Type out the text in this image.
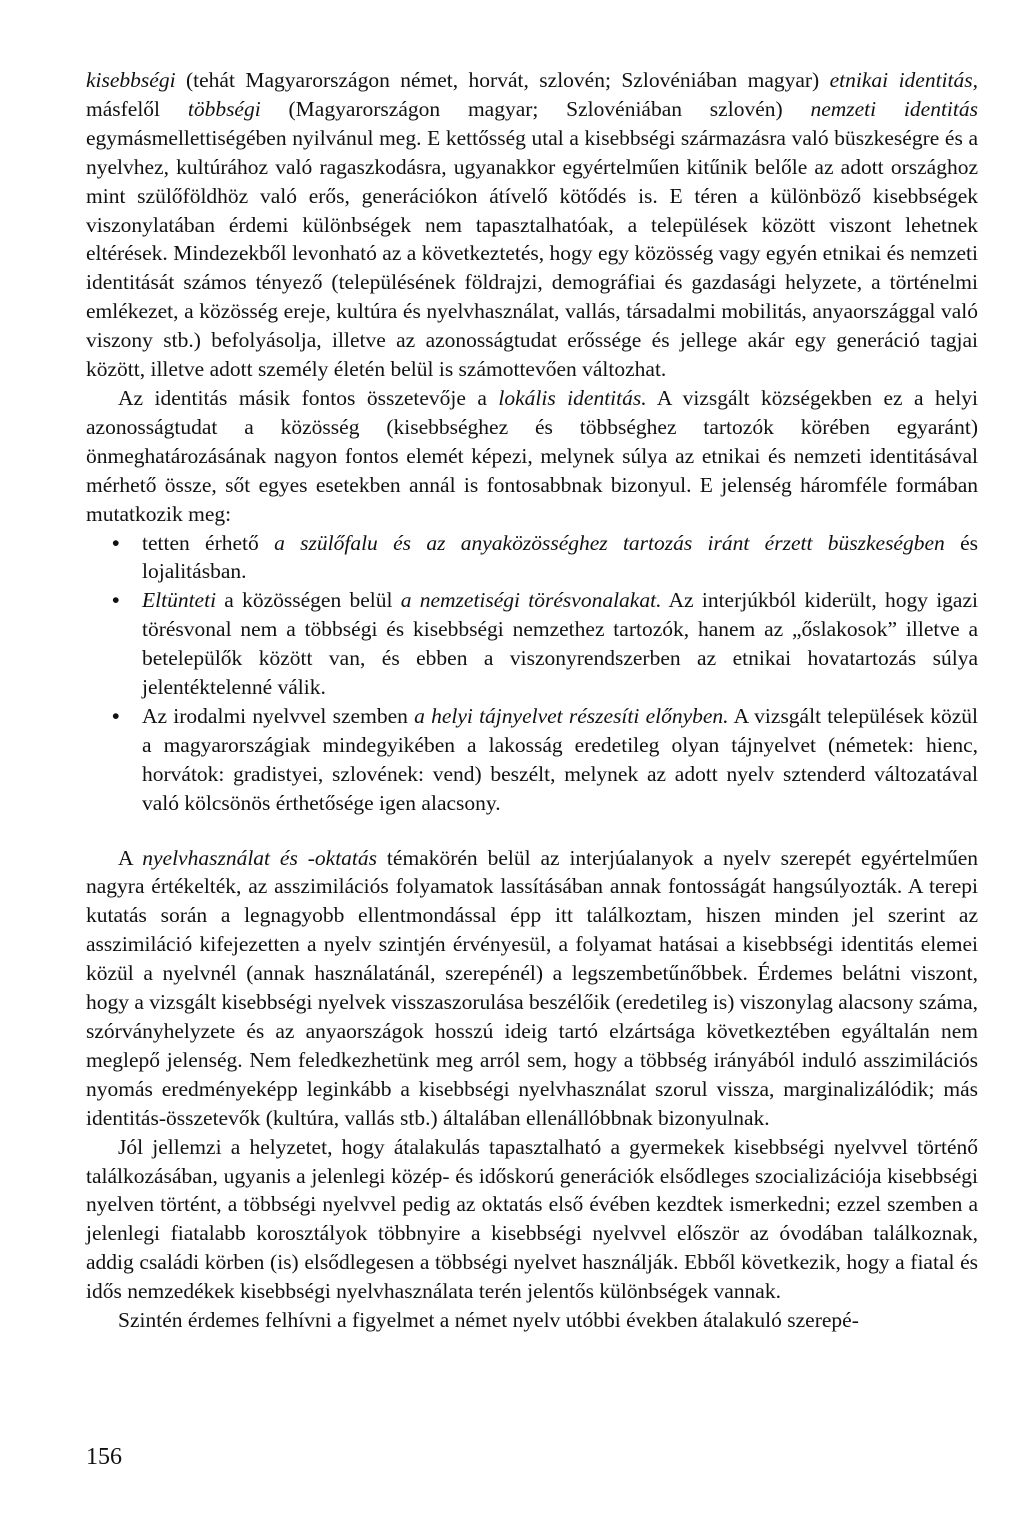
kisebbségi (tehát Magyarországon német, horvát, szlovén; Szlovéniában magyar) etnikai identitás, másfelől többségi (Magyarországon magyar; Szlovéniában szlovén) nemzeti identitás egymásmellettiségében nyilvánul meg. E kettősség utal a kisebbségi származásra való büszkeségre és a nyelvhez, kultúrához való ragaszkodásra, ugyanakkor egyértelműen kitűnik belőle az adott országhoz mint szülőföldhöz való erős, generációkon átívelő kötődés is. E téren a különböző kisebbségek viszonylatában érdemi különbségek nem tapasztalhatóak, a települések között viszont lehetnek eltérések. Mindezekből levonható az a következtetés, hogy egy közösség vagy egyén etnikai és nemzeti identitását számos tényező (településének földrajzi, demográfiai és gazdasági helyzete, a történelmi emlékezet, a közösség ereje, kultúra és nyelvhasználat, vallás, társadalmi mobilitás, anyaországgal való viszony stb.) befolyásolja, illetve az azonosságtudat erőssége és jellege akár egy generáció tagjai között, illetve adott személy életén belül is számottevően változhat.

Az identitás másik fontos összetevője a lokális identitás. A vizsgált községekben ez a helyi azonosságtudat a közösség (kisebbséghez és többséghez tartozók körében egyaránt) önmeghatározásának nagyon fontos elemét képezi, melynek súlya az etnikai és nemzeti identitásával mérhető össze, sőt egyes esetekben annál is fontosabbnak bizonyul. E jelenség háromféle formában mutatkozik meg:

• tetten érhető a szülőfalu és az anyaközösséghez tartozás iránt érzett büszkeségben és lojalitásban.
• Eltünteti a közösségen belül a nemzetiségi törésvonalakat. Az interjúkból kiderült, hogy igazi törésvonal nem a többségi és kisebbségi nemzethez tartozók, hanem az „őslakosok” illetve a betelepülők között van, és ebben a viszonyrendszerben az etnikai hovatartozás súlya jelentéktelenné válik.
• Az irodalmi nyelvvel szemben a helyi tájnyelvet részesíti előnyben. A vizsgált települések közül a magyarországiak mindegyikében a lakosság eredetileg olyan tájnyelvet (németek: hienc, horvátok: gradistyei, szlovének: vend) beszélt, melynek az adott nyelv sztenderd változatával való kölcsönös érthetősége igen alacsony.

A nyelvhasználat és -oktatás témakörén belül az interjúalanyok a nyelv szerepét egyértelműen nagyra értékelték, az asszimilációs folyamatok lassításában annak fontosságát hangsúlyozták. A terepi kutatás során a legnagyobb ellentmondással épp itt találkoztam, hiszen minden jel szerint az asszimiláció kifejezetten a nyelv szintjén érvényesül, a folyamat hatásai a kisebbségi identitás elemei közül a nyelvnél (annak használatánál, szerepénél) a legszembetűnőbbek. Érdemes belátni viszont, hogy a vizsgált kisebbségi nyelvek visszaszorulása beszélőik (eredetileg is) viszonylag alacsony száma, szórványhelyzete és az anyaországok hosszú ideig tartó elzártsága következtében egyáltalán nem meglepő jelenség. Nem feledkezhetünk meg arról sem, hogy a többség irányából induló asszimilációs nyomás eredményeképp leginkább a kisebbségi nyelvhasználat szorul vissza, marginalizálódik; más identitás-összetevők (kultúra, vallás stb.) általában ellenállóbbnak bizonyulnak.

Jól jellemzi a helyzetet, hogy átalakulás tapasztalható a gyermekek kisebbségi nyelvvel történő találkozásában, ugyanis a jelenlegi közép- és időskorú generációk elsődleges szocializációja kisebbségi nyelven történt, a többségi nyelvvel pedig az oktatás első évében kezdtek ismerkedni; ezzel szemben a jelenlegi fiatalabb korosztályok többnyire a kisebbségi nyelvvel először az óvodában találkoznak, addig családi körben (is) elsődlegesen a többségi nyelvet használják. Ebből következik, hogy a fiatal és idős nemzedékek kisebbségi nyelvhasználata terén jelentős különbségek vannak.

Szintén érdemes felhívni a figyelmet a német nyelv utóbbi években átalakuló szerepé-

156
